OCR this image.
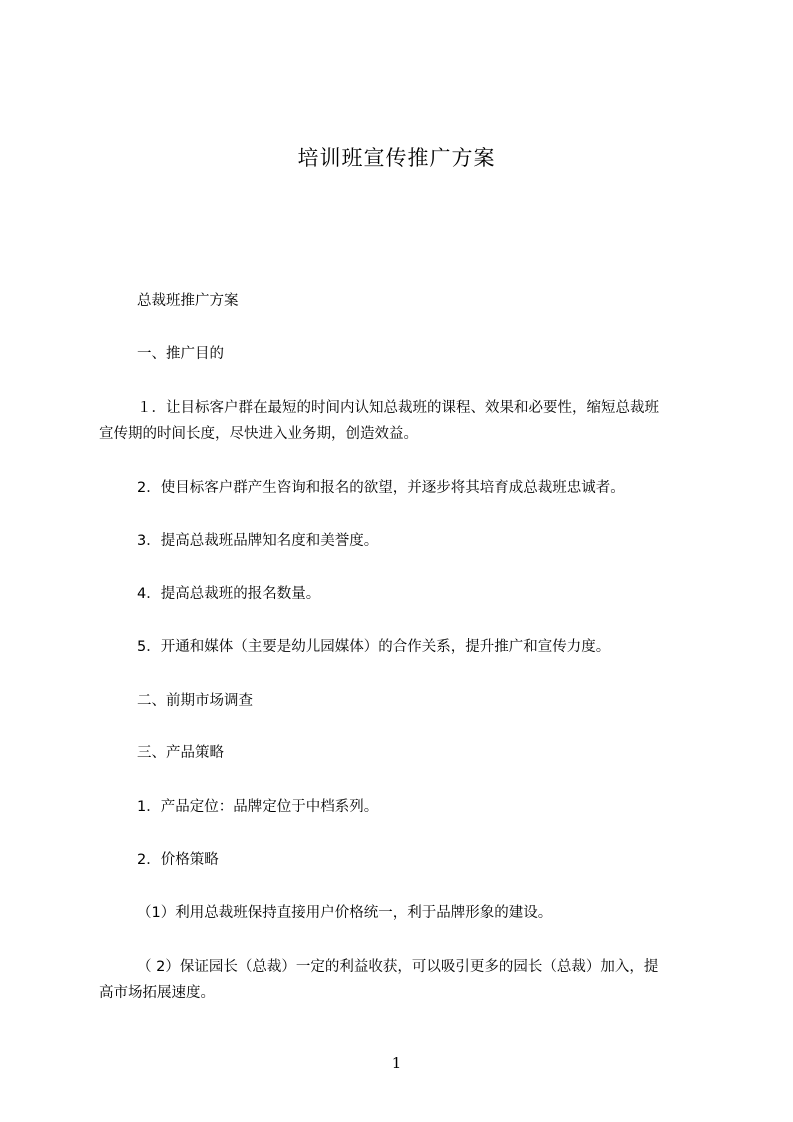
培训班宣传推广方案
总裁班推广方案
一、推广目的
１．让目标客户群在最短的时间内认知总裁班的课程、效果和必要性，缩短总裁班
宣传期的时间长度，尽快进入业务期，创造效益。
2．使目标客户群产生咨询和报名的欲望，并逐步将其培育成总裁班忠诚者。
3．提高总裁班品牌知名度和美誉度。
4．提高总裁班的报名数量。
5．开通和媒体（主要是幼儿园媒体）的合作关系，提升推广和宣传力度。
二、前期市场调查
三、产品策略
1．产品定位：品牌定位于中档系列。
2．价格策略
（1）利用总裁班保持直接用户价格统一，利于品牌形象的建设。
（ 2）保证园长（总裁）一定的利益收获，可以吸引更多的园长（总裁）加入，提
高市场拓展速度。
1
